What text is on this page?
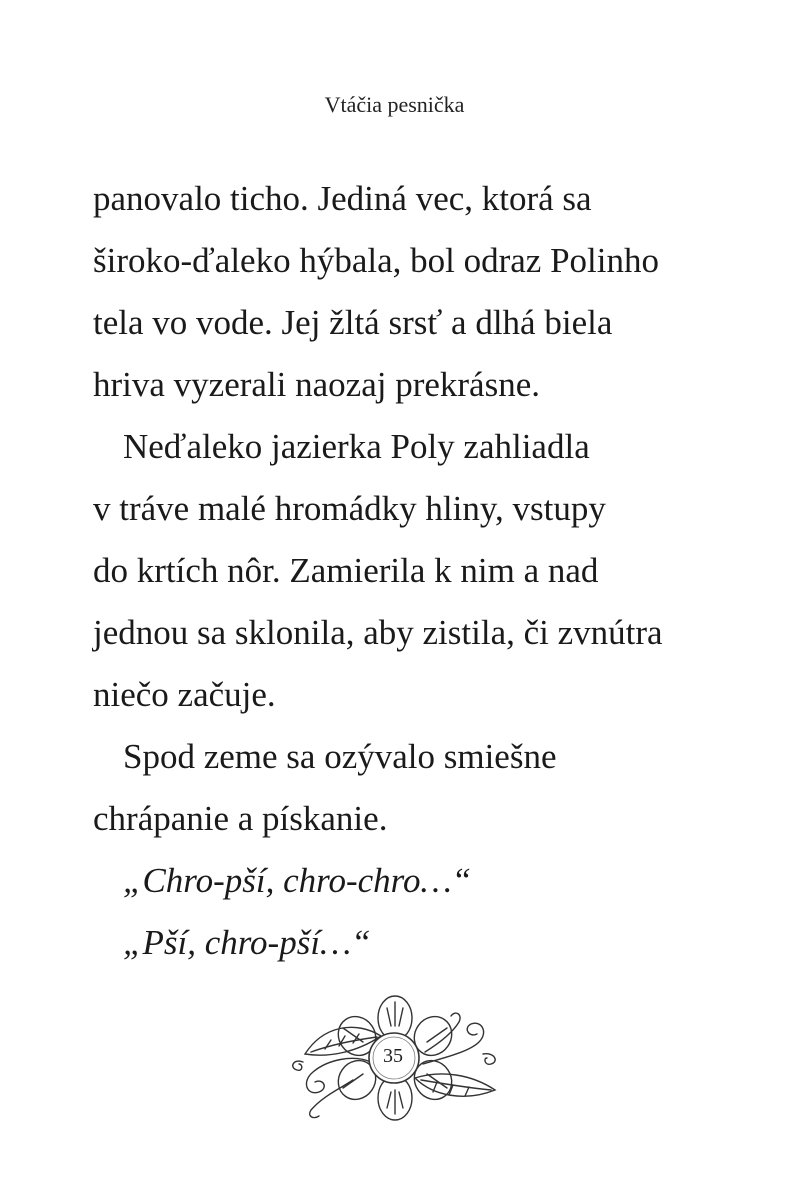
Vtáčia pesnička
panovalo ticho. Jediná vec, ktorá sa
široko-ďaleko hýbala, bol odraz Polinho
tela vo vode. Jej žltá srsť a dlhá biela
hriva vyzerali naozaj prekrásne.
Neďaleko jazierka Poly zahliadla
v tráve malé hromádky hliny, vstupy
do krtích nôr. Zamierila k nim a nad
jednou sa sklonila, aby zistila, či zvnútra
niečo začuje.
Spod zeme sa ozývalo smiešne
chrápanie a pískanie.
„Chro-pší, chro-chro…“
„Pší, chro-pší…“
35
